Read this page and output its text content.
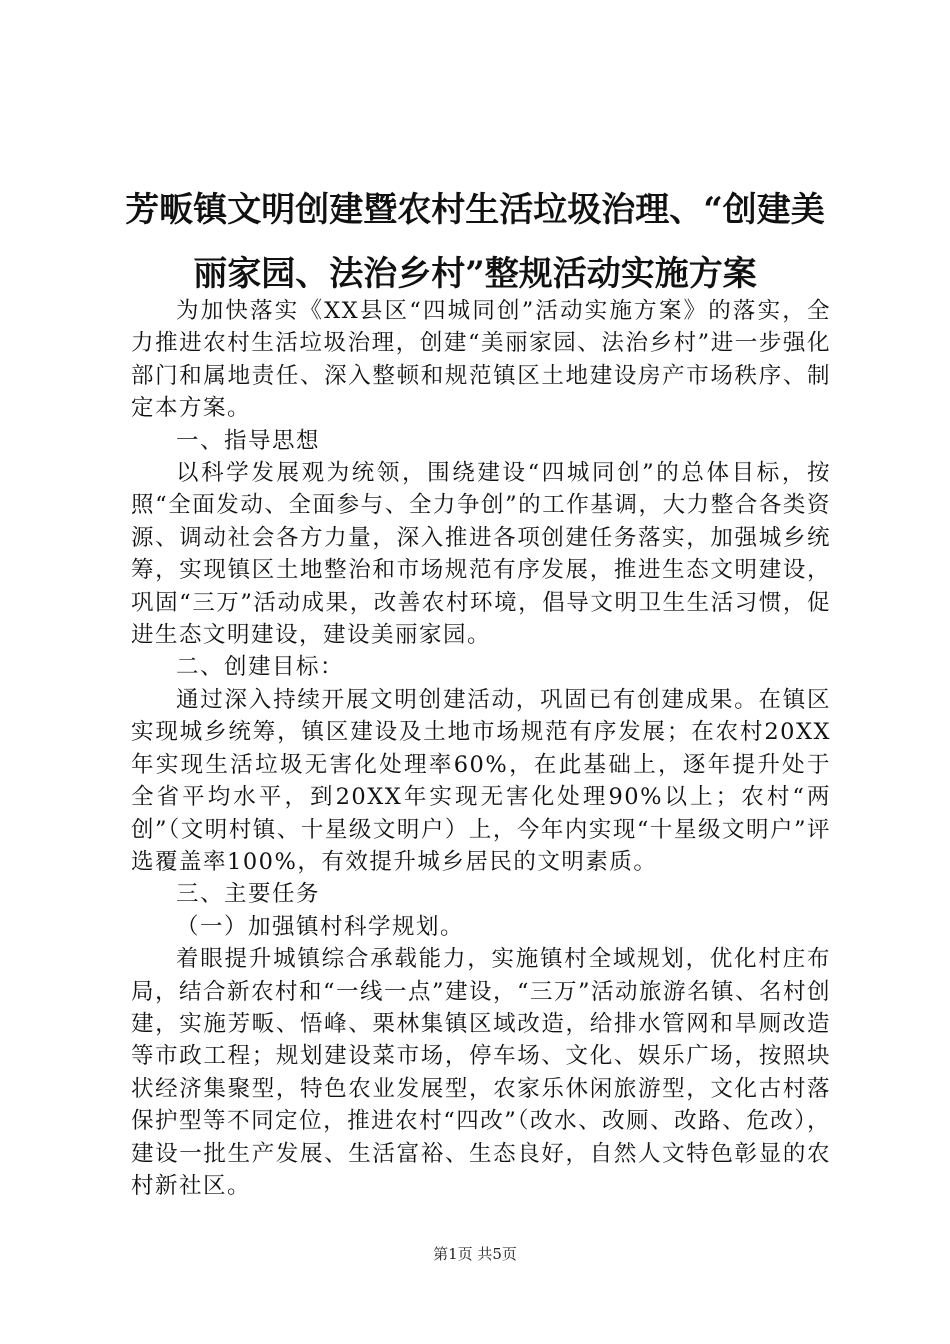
芳畈镇文明创建暨农村生活垃圾治理、“创建美丽家园、法治乡村”整规活动实施方案

为加快落实《XX县区“四城同创”活动实施方案》的落实，全力推进农村生活垃圾治理，创建“美丽家园、法治乡村”进一步强化部门和属地责任、深入整顿和规范镇区土地建设房产市场秩序、制定本方案。

一、指导思想

以科学发展观为统领，围绕建设“四城同创”的总体目标，按照“全面发动、全面参与、全力争创”的工作基调，大力整合各类资源、调动社会各方力量，深入推进各项创建任务落实，加强城乡统筹，实现镇区土地整治和市场规范有序发展，推进生态文明建设，巩固“三万”活动成果，改善农村环境，倡导文明卫生生活习惯，促进生态文明建设，建设美丽家园。

二、创建目标：

通过深入持续开展文明创建活动，巩固已有创建成果。在镇区实现城乡统筹，镇区建设及土地市场规范有序发展；在农村20XX年实现生活垃圾无害化处理率60%，在此基础上，逐年提升处于全省平均水平，到20XX年实现无害化处理90%以上；农村“两创”（文明村镇、十星级文明户）上，今年内实现“十星级文明户”评选覆盖率100%，有效提升城乡居民的文明素质。

三、主要任务

（一）加强镇村科学规划。

着眼提升城镇综合承载能力，实施镇村全域规划，优化村庄布局，结合新农村和“一线一点”建设，“三万”活动旅游名镇、名村创建，实施芳畈、悟峰、栗林集镇区域改造，给排水管网和旱厕改造等市政工程；规划建设菜市场，停车场、文化、娱乐广场，按照块状经济集聚型，特色农业发展型，农家乐休闲旅游型，文化古村落保护型等不同定位，推进农村“四改”（改水、改厕、改路、危改），建设一批生产发展、生活富裕、生态良好，自然人文特色彰显的农村新社区。

第1页 共5页
